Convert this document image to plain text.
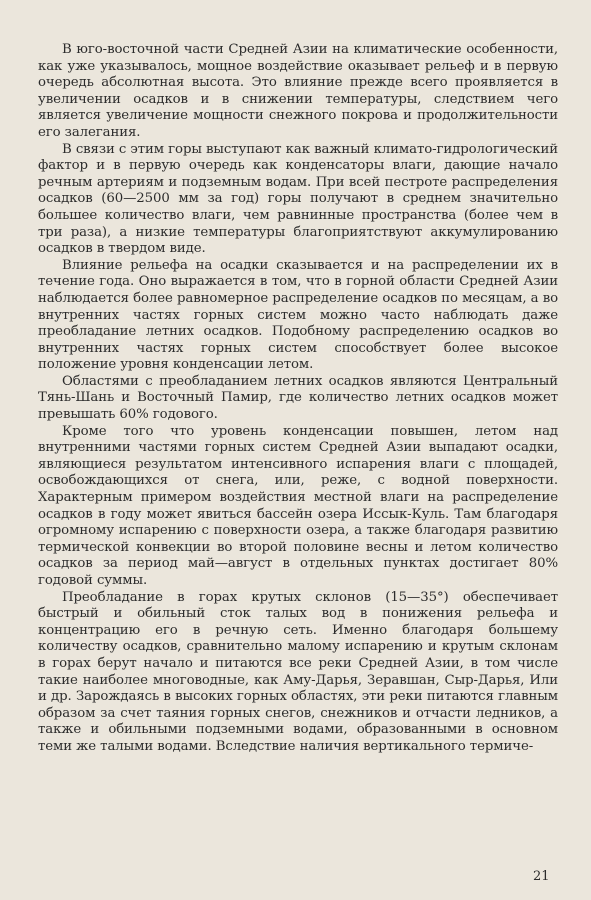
В юго-восточной части Средней Азии на климатические особенности, как уже указывалось, мощное воздействие оказывает рельеф и в первую очередь абсолютная высота. Это влияние прежде всего проявляется в увеличении осадков и в снижении температуры, следствием чего является увеличение мощности снежного покрова и продолжительности его залегания.

В связи с этим горы выступают как важный климато-гидрологический фактор и в первую очередь как конденсаторы влаги, дающие начало речным артериям и подземным водам. При всей пестроте распределения осадков (60—2500 мм за год) горы получают в среднем значительно большее количество влаги, чем равнинные пространства (более чем в три раза), а низкие температуры благоприятствуют аккумулированию осадков в твердом виде.

Влияние рельефа на осадки сказывается и на распределении их в течение года. Оно выражается в том, что в горной области Средней Азии наблюдается более равномерное распределение осадков по месяцам, а во внутренних частях горных систем можно часто наблюдать даже преобладание летних осадков. Подобному распределению осадков во внутренних частях горных систем способствует более высокое положение уровня конденсации летом.

Областями с преобладанием летних осадков являются Центральный Тянь-Шань и Восточный Памир, где количество летних осадков может превышать 60% годового.

Кроме того что уровень конденсации повышен, летом над внутренними частями горных систем Средней Азии выпадают осадки, являющиеся результатом интенсивного испарения влаги с площадей, освобождающихся от снега, или, реже, с водной поверхности. Характерным примером воздействия местной влаги на распределение осадков в году может явиться бассейн озера Иссык-Куль. Там благодаря огромному испарению с поверхности озера, а также благодаря развитию термической конвекции во второй половине весны и летом количество осадков за период май—август в отдельных пунктах достигает 80% годовой суммы.

Преобладание в горах крутых склонов (15—35°) обеспечивает быстрый и обильный сток талых вод в понижения рельефа и концентрацию его в речную сеть. Именно благодаря большему количеству осадков, сравнительно малому испарению и крутым склонам в горах берут начало и питаются все реки Средней Азии, в том числе такие наиболее многоводные, как Аму-Дарья, Зеравшан, Сыр-Дарья, Или и др. Зарождаясь в высоких горных областях, эти реки питаются главным образом за счет таяния горных снегов, снежников и отчасти ледников, а также и обильными подземными водами, образованными в основном теми же талыми водами. Вследствие наличия вертикального термиче-

21
